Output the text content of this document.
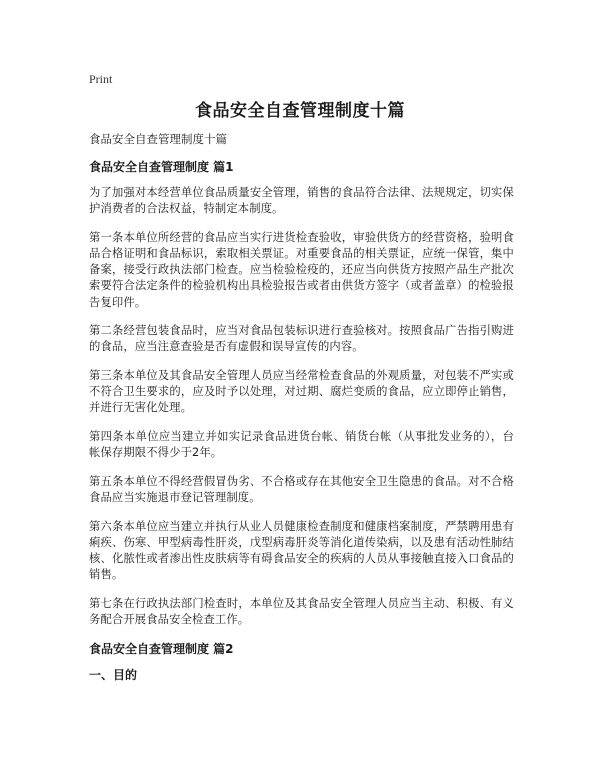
Print
食品安全自查管理制度十篇

食品安全自查管理制度十篇

食品安全自查管理制度 篇1

为了加强对本经营单位食品质量安全管理，销售的食品符合法律、法规规定，切实保护消费者的合法权益，特制定本制度。

第一条本单位所经营的食品应当实行进货检查验收，审验供货方的经营资格，验明食品合格证明和食品标识，索取相关票证。对重要食品的相关票证，应统一保管，集中备案，接受行政执法部门检查。应当检验检疫的，还应当向供货方按照产品生产批次索要符合法定条件的检验机构出具检验报告或者由供货方签字（或者盖章）的检验报告复印件。

第二条经营包装食品时，应当对食品包装标识进行查验核对。按照食品广告指引购进的食品，应当注意查验是否有虚假和误导宣传的内容。

第三条本单位及其食品安全管理人员应当经常检查食品的外观质量，对包装不严实或不符合卫生要求的，应及时予以处理，对过期、腐烂变质的食品，应立即停止销售，并进行无害化处理。

第四条本单位应当建立并如实记录食品进货台帐、销货台帐（从事批发业务的），台帐保存期限不得少于2年。

第五条本单位不得经营假冒伪劣、不合格或存在其他安全卫生隐患的食品。对不合格食品应当实施退市登记管理制度。

第六条本单位应当建立并执行从业人员健康检查制度和健康档案制度，严禁聘用患有痢疾、伤寒、甲型病毒性肝炎，戊型病毒肝炎等消化道传染病，以及患有活动性肺结核、化脓性或者渗出性皮肤病等有碍食品安全的疾病的人员从事接触直接入口食品的销售。

第七条在行政执法部门检查时，本单位及其食品安全管理人员应当主动、积极、有义务配合开展食品安全检查工作。

食品安全自查管理制度 篇2

一、目的
